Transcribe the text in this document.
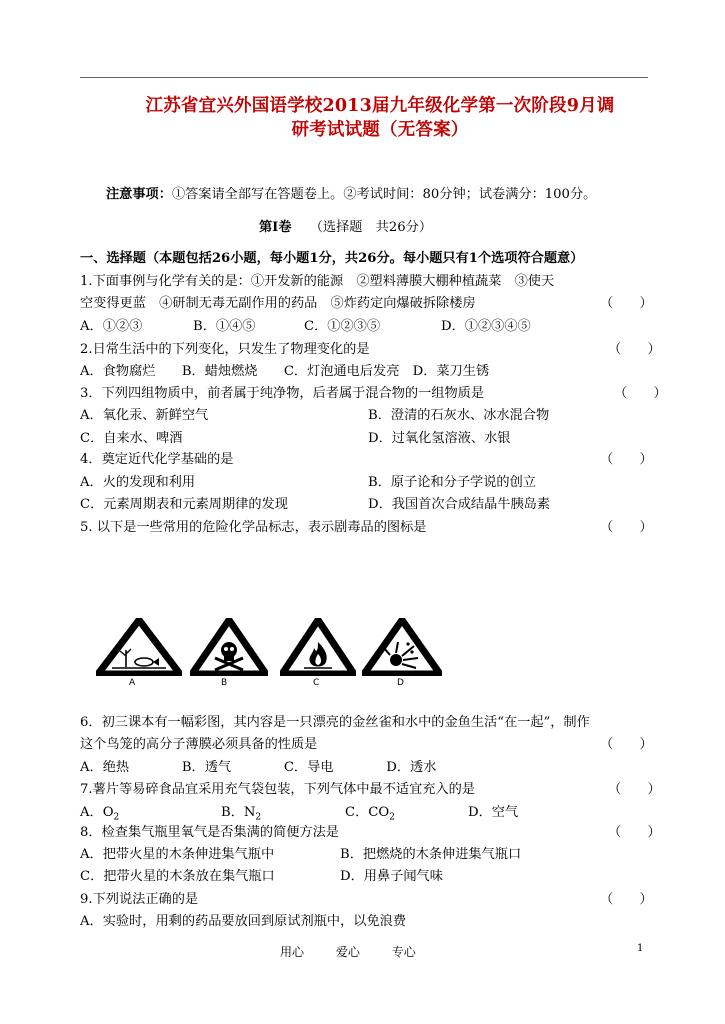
江苏省宜兴外国语学校2013届九年级化学第一次阶段9月调
研考试试题（无答案）
注意事项：①答案请全部写在答题卷上。②考试时间：80分钟；试卷满分：100分。
第Ⅰ卷 （选择题　共26分）
一、选择题（本题包括26小题，每小题1分，共26分。每小题只有1个选项符合题意）
1.下面事例与化学有关的是：①开发新的能源　②塑料薄膜大棚种植蔬菜　③使天
空变得更蓝　④研制无毒无副作用的药品　⑤炸药定向爆破拆除楼房	（　　）
A．①②③	B．①④⑤	C．①②③⑤	D．①②③④⑤
2.日常生活中的下列变化，只发生了物理变化的是	（　　）
A．食物腐烂　　B．蜡烛燃烧　　C．灯泡通电后发亮　D．菜刀生锈
3．下列四组物质中，前者属于纯净物，后者属于混合物的一组物质是	（　　）
A．氧化汞、新鲜空气	B．澄清的石灰水、冰水混合物
C．自来水、啤酒	D．过氧化氢溶液、水银
4．奠定近代化学基础的是	（　　）
A．火的发现和利用	B．原子论和分子学说的创立
C．元素周期表和元素周期律的发现	D．我国首次合成结晶牛胰岛素
5. 以下是一些常用的危险化学品标志，表示剧毒品的图标是	（　　）
A	B	C	D
6．初三课本有一幅彩图，其内容是一只漂亮的金丝雀和水中的金鱼生活“在一起”，制作
这个鸟笼的高分子薄膜必须具备的性质是	（　　）
A．绝热　　　　B．透气　　　　C．导电　　　　D．透水
7.薯片等易碎食品宜采用充气袋包装，下列气体中最不适宜充入的是	（　　）
A．$O_2$	B．$N_2$	C．$CO_2$	D．空气
8．检查集气瓶里氧气是否集满的简便方法是	（　　）
A．把带火星的木条伸进集气瓶中	B．把燃烧的木条伸进集气瓶口
C．把带火星的木条放在集气瓶口	D．用鼻子闻气味
9.下列说法正确的是	（　　）
A．实验时，用剩的药品要放回到原试剂瓶中，以免浪费
用心	爱心	专心	1
